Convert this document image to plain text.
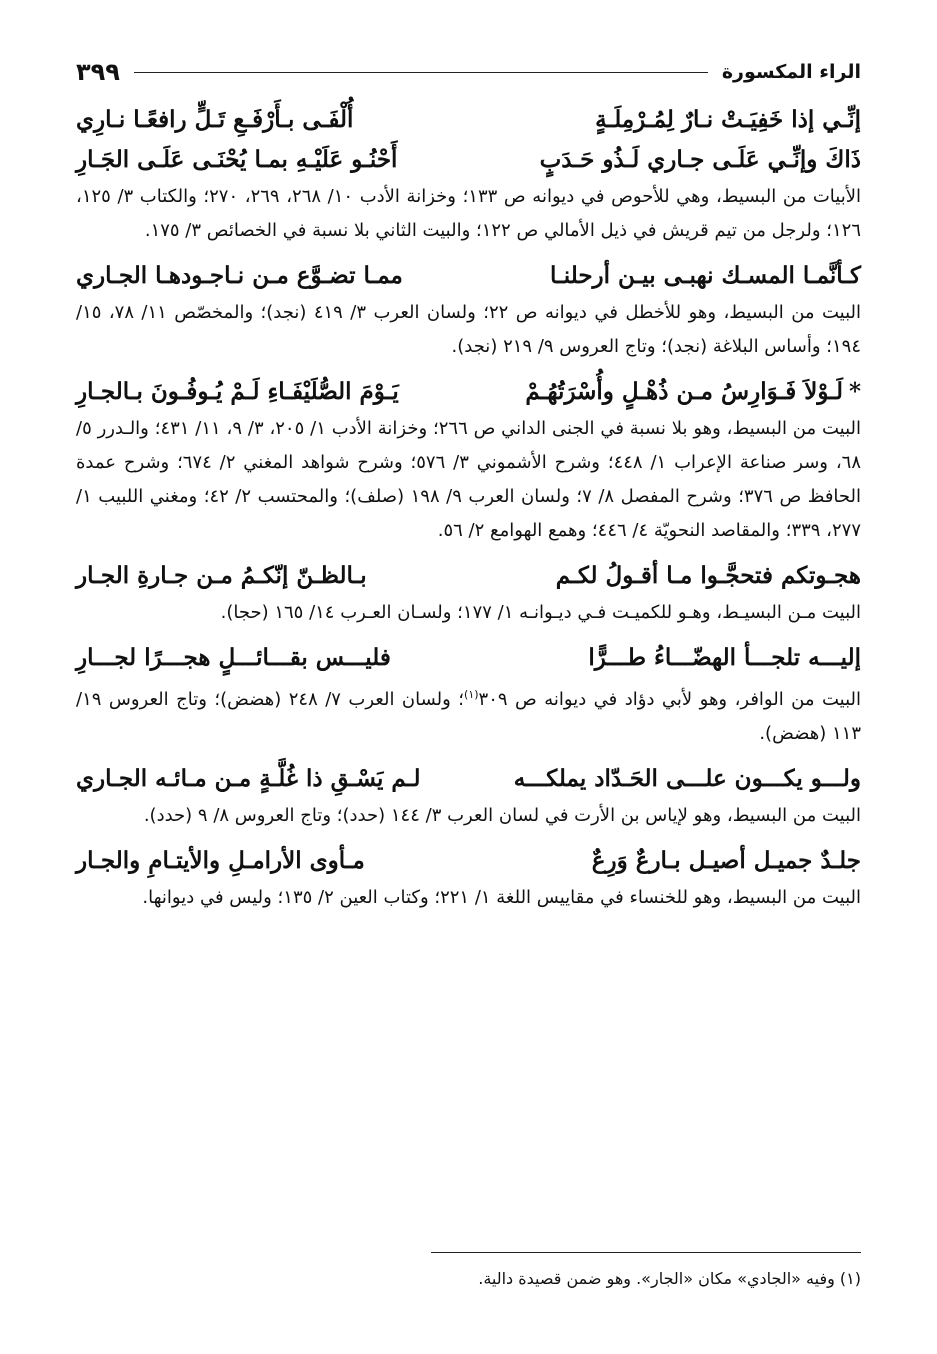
الراء المكسورة
٣٩٩
إنِّـي إذا خَفِيَـتْ نـارٌ لِمُـرْمِلَـةٍ
أُلْفَـى بـأَرْفَـعِ تَـلٍّ رافعًـا نـارِي
ذَاكَ وإنِّـي عَلَـى جـاري لَـذُو حَـدَبٍ
أَحْنُـو عَلَيْـهِ بمـا يُحْنَـى عَلَـى الجَـارِ

الأبيات من البسيط، وهي للأحوص في ديوانه ص ١٣٣؛ وخزانة الأدب ١٠/ ٢٦٨، ٢٦٩، ٢٧٠؛ والكتاب ٣/ ١٢٥، ١٢٦؛ ولرجل من تيم قريش في ذيل الأمالي ص ١٢٢؛ والبيت الثاني بلا نسبة في الخصائص ٣/ ١٧٥.

كـأنَّمـا المسـك نهبـى بيـن أرحلنـا
ممـا تضـوَّع مـن نـاجـودهـا الجـاري

البيت من البسيط، وهو للأخطل في ديوانه ص ٢٢؛ ولسان العرب ٣/ ٤١٩ (نجد)؛ والمخصّص ١١/ ٧٨، ١٥/ ١٩٤؛ وأساس البلاغة (نجد)؛ وتاج العروس ٩/ ٢١٩ (نجد).

*لَـوْلاَ فَـوَارِسُ مـن ذُهْـلٍ وأُسْرَتُهُـمْ
يَـوْمَ الصُّلَيْفَـاءِ لَـمْ يُـوفُـونَ بـالجـارِ

البيت من البسيط، وهو بلا نسبة في الجنى الداني ص ٢٦٦؛ وخزانة الأدب ١/ ٢٠٥، ٣/ ٩، ١١/ ٤٣١؛ والـدرر ٥/ ٦٨، وسر صناعة الإعراب ١/ ٤٤٨؛ وشرح الأشموني ٣/ ٥٧٦؛ وشرح شواهد المغني ٢/ ٦٧٤؛ وشرح عمدة الحافظ ص ٣٧٦؛ وشرح المفصل ٨/ ٧؛ ولسان العرب ٩/ ١٩٨ (صلف)؛ والمحتسب ٢/ ٤٢؛ ومغني اللبيب ١/ ٢٧٧، ٣٣٩؛ والمقاصد النحويّة ٤/ ٤٤٦؛ وهمع الهوامع ٢/ ٥٦.

هجـوتكم فتحجَّـوا مـا أقـولُ لكـم
بـالظـنّ إنّكـمُ مـن جـارةِ الجـار

البيت مـن البسيـط، وهـو للكميـت فـي ديـوانـه ١/ ١٧٧؛ ولسـان العـرب ١٤/ ١٦٥ (حجا).

إليـــه تلجـــأ الهضّـــاءُ طـــرًّا
فليـــس بقـــائـــلٍ هجـــرًا لجـــارِ

البيت من الوافر، وهو لأبي دؤاد في ديوانه ص ٣٠٩$^{(١)}$؛ ولسان العرب ٧/ ٢٤٨ (هضض)؛ وتاج العروس ١٩/ ١١٣ (هضض).

ولـــو يكـــون علـــى الحَـدّاد يملكـــه
لـم يَسْـقِ ذا غُلَّـةٍ مـن مـائـه الجـاري

البيت من البسيط، وهو لإياس بن الأرت في لسان العرب ٣/ ١٤٤ (حدد)؛ وتاج العروس ٨/ ٩ (حدد).

جلـدٌ جميـل أصيـل بـارعٌ وَرِعٌ
مـأوى الأرامـلِ والأيتـامِ والجـار

البيت من البسيط، وهو للخنساء في مقاييس اللغة ١/ ٢٢١؛ وكتاب العين ٢/ ١٣٥؛ وليس في ديوانها.

(١) وفيه «الجادي» مكان «الجار». وهو ضمن قصيدة دالية.
